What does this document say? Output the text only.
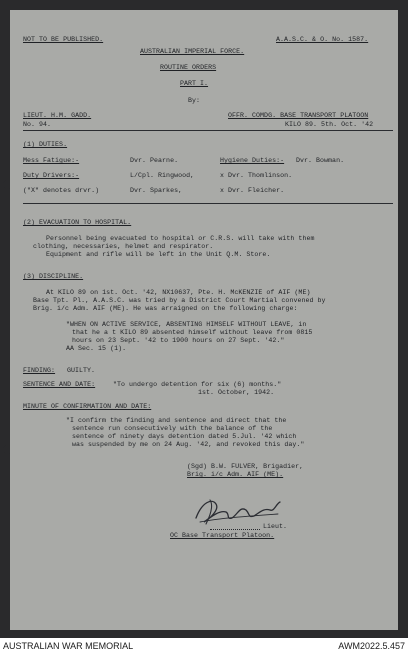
NOT TO BE PUBLISHED.	A.A.S.C. & O. No. 1587.
AUSTRALIAN IMPERIAL FORCE.
ROUTINE ORDERS
PART I.
By:
LIEUT. H.M. GADD.	OFFR. COMDG. BASE TRANSPORT PLATOON
No. 94.	KILO 89. 5th. Oct. '42
(1) DUTIES.
Mess Fatigue:-	Dvr. Pearne.	Hygiene Duties:- Dvr. Bowman.
Duty Drivers:-	L/Cpl. Ringwood,	x Dvr. Thomlinson.
("X" denotes drvr.)	Dvr. Sparkes,	x Dvr. Fleicher.
(2) EVACUATION TO HOSPITAL.
Personnel being evacuated to hospital or C.R.S. will take with them
clothing, necessaries, helmet and respirator.
Equipment and rifle will be left in the Unit Q.M. Store.
(3) DISCIPLINE.
At KILO 89 on 1st. Oct. '42, NX10637, Pte. H. McKENZIE of AIF (ME)
Base Tpt. Pl., A.A.S.C. was tried by a District Court Martial convened by
Brig. i/c Adm. AIF (ME). He was arraigned on the following charge:
"WHEN ON ACTIVE SERVICE, ABSENTING HIMSELF WITHOUT LEAVE, in
that he a t KILO 89 absented himself without leave from 0815
hours on 23 Sept. '42 to 1900 hours on 27 Sept. '42."
AA Sec. 15 (1).
FINDING: GUILTY.
SENTENCE AND DATE:	"To undergo detention for six (6) months."
1st. October, 1942.
MINUTE OF CONFIRMATION AND DATE:
"I confirm the finding and sentence and direct that the
sentence run consecutively with the balance of the
sentence of ninety days detention dated 5.Jul. '42 which
was suspended by me on 24 Aug. '42, and revoked this day."
(Sgd) B.W. FULVER, Brigadier,
Brig. i/c Adm. AIF (ME).
Lieut.
OC Base Transport Platoon.
AUSTRALIAN WAR MEMORIAL	AWM2022.5.457
